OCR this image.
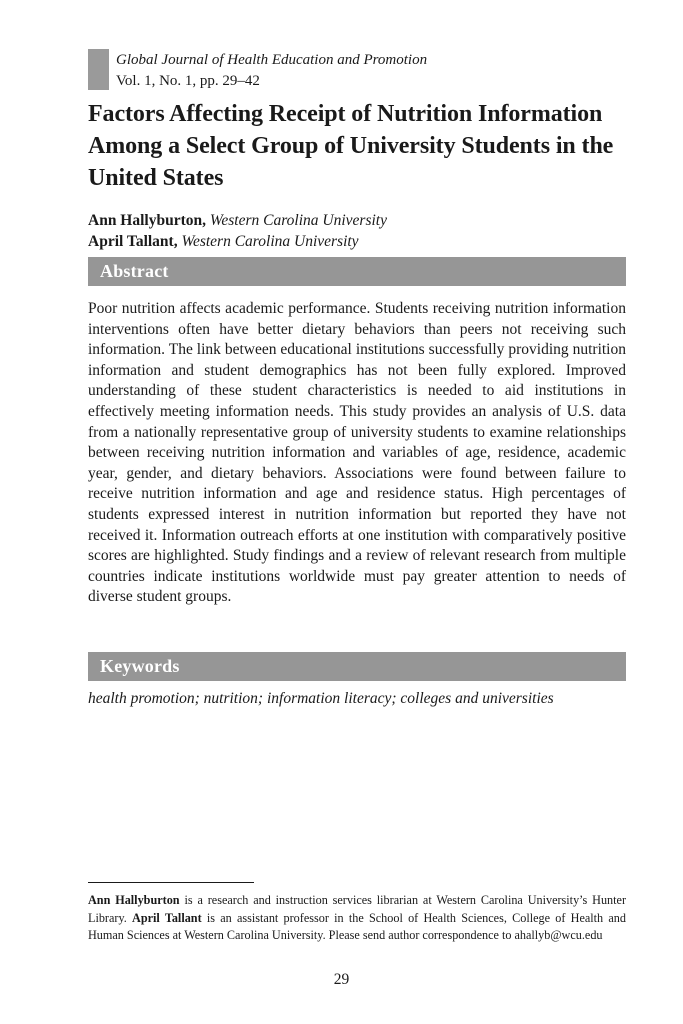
Global Journal of Health Education and Promotion
Vol. 1, No. 1, pp. 29–42
Factors Affecting Receipt of Nutrition Information Among a Select Group of University Students in the United States
Ann Hallyburton, Western Carolina University
April Tallant, Western Carolina University
Abstract

Poor nutrition affects academic performance. Students receiving nutrition information interventions often have better dietary behaviors than peers not receiving such information. The link between educational institutions successfully providing nutrition information and student demographics has not been fully explored. Improved understanding of these student characteristics is needed to aid institutions in effectively meeting information needs. This study provides an analysis of U.S. data from a nationally representative group of university students to examine relationships between receiving nutrition information and variables of age, residence, academic year, gender, and dietary behaviors. Associations were found between failure to receive nutrition information and age and residence status. High percentages of students expressed interest in nutrition information but reported they have not received it. Information outreach efforts at one institution with comparatively positive scores are highlighted. Study findings and a review of relevant research from multiple countries indicate institutions worldwide must pay greater attention to needs of diverse student groups.

Keywords

health promotion; nutrition; information literacy; colleges and universities

Ann Hallyburton is a research and instruction services librarian at Western Carolina University’s Hunter Library. April Tallant is an assistant professor in the School of Health Sciences, College of Health and Human Sciences at Western Carolina University. Please send author correspondence to ahallyb@wcu.edu

29
